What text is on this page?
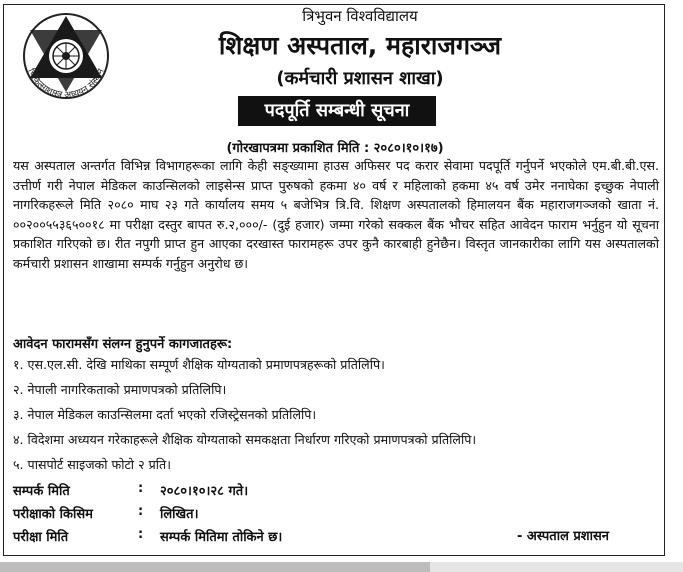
चिकित्साशास्त्र अध्ययन संस्थान
त्रिभुवन विश्वविद्यालय
शिक्षण अस्पताल, महाराजगञ्ज
(कर्मचारी प्रशासन शाखा)
पदपूर्ति सम्बन्धी सूचना
(गोरखापत्रमा प्रकाशित मिति : २०८०।१०।१७)

यस अस्पताल अन्तर्गत विभिन्न विभागहरूका लागि केही सङ्ख्यामा हाउस अफिसर पद करार सेवामा पदपूर्ति गर्नुपर्ने भएकोले एम.बी.बी.एस. उत्तीर्ण गरी नेपाल मेडिकल काउन्सिलको लाइसेन्स प्राप्त पुरुषको हकमा ४० वर्ष र महिलाको हकमा ४५ वर्ष उमेर ननाघेका इच्छुक नेपाली नागरिकहरूले मिति २०८० माघ २३ गते कार्यालय समय ५ बजेभित्र त्रि.वि. शिक्षण अस्पतालको हिमालयन बैंक महाराजगञ्जको खाता नं. ००२००५५३६५००१८ मा परीक्षा दस्तुर बापत रु.२,०००/- (दुई हजार) जम्मा गरेको सक्कल बैंक भौचर सहित आवेदन फाराम भर्नुहुन यो सूचना प्रकाशित गरिएको छ। रीत नपुगी प्राप्त हुन आएका दरखास्त फारामहरू उपर कुनै कारबाही हुनेछैन। विस्तृत जानकारीका लागि यस अस्पतालको कर्मचारी प्रशासन शाखामा सम्पर्क गर्नुहुन अनुरोध छ।

आवेदन फारामसँग संलग्न हुनुपर्ने कागजातहरू:
१. एस.एल.सी. देखि माथिका सम्पूर्ण शैक्षिक योग्यताको प्रमाणपत्रहरूको प्रतिलिपि।
२. नेपाली नागरिकताको प्रमाणपत्रको प्रतिलिपि।
३. नेपाल मेडिकल काउन्सिलमा दर्ता भएको रजिस्ट्रेसनको प्रतिलिपि।
४. विदेशमा अध्ययन गरेकाहरूले शैक्षिक योग्यताको समकक्षता निर्धारण गरिएको प्रमाणपत्रको प्रतिलिपि।
५. पासपोर्ट साइजको फोटो २ प्रति।
सम्पर्क मिति	: २०८०।१०।२८ गते।
परीक्षाको किसिम	: लिखित।
परीक्षा मिति	: सम्पर्क मितिमा तोकिने छ।	- अस्पताल प्रशासन
